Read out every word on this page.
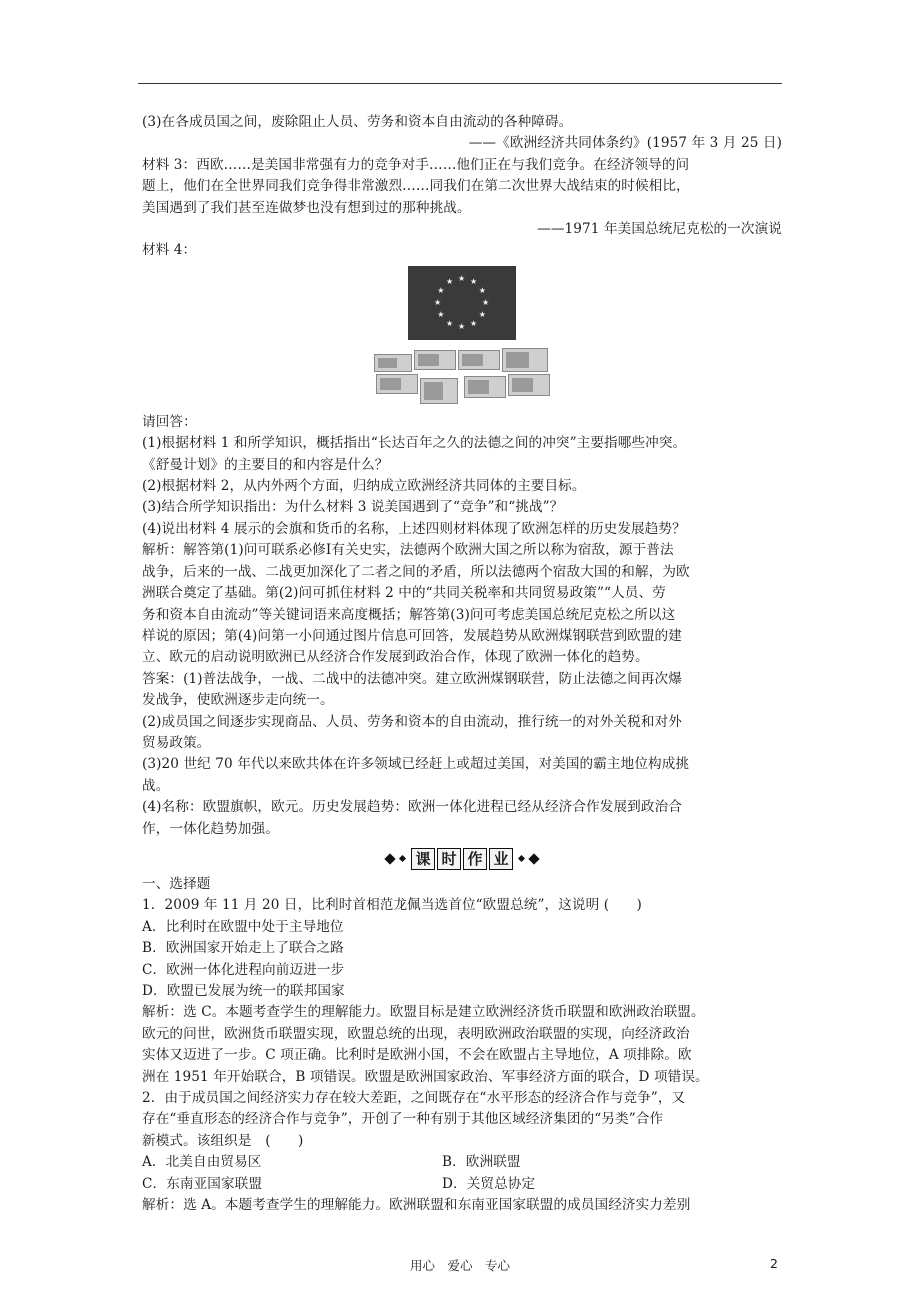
(3)在各成员国之间，废除阻止人员、劳务和资本自由流动的各种障碍。

——《欧洲经济共同体条约》(1957 年 3 月 25 日)

材料 3：西欧……是美国非常强有力的竞争对手……他们正在与我们竞争。在经济领导的问

题上，他们在全世界同我们竞争得非常激烈……同我们在第二次世界大战结束的时候相比，

美国遇到了我们甚至连做梦也没有想到过的那种挑战。

——1971 年美国总统尼克松的一次演说

材料 4：

★ ★
★
★
★
★
★
★
★
★
★
★

请回答：

(1)根据材料 1 和所学知识，概括指出“长达百年之久的法德之间的冲突”主要指哪些冲突。

《舒曼计划》的主要目的和内容是什么？

(2)根据材料 2，从内外两个方面，归纳成立欧洲经济共同体的主要目标。

(3)结合所学知识指出：为什么材料 3 说美国遇到了“竞争”和“挑战”？

(4)说出材料 4 展示的会旗和货币的名称，上述四则材料体现了欧洲怎样的历史发展趋势？

解析：解答第(1)问可联系必修Ⅰ有关史实，法德两个欧洲大国之所以称为宿敌，源于普法

战争，后来的一战、二战更加深化了二者之间的矛盾，所以法德两个宿敌大国的和解，为欧

洲联合奠定了基础。第(2)问可抓住材料 2 中的“共同关税率和共同贸易政策”“人员、劳

务和资本自由流动”等关键词语来高度概括；解答第(3)问可考虑美国总统尼克松之所以这

样说的原因；第(4)问第一小问通过图片信息可回答，发展趋势从欧洲煤钢联营到欧盟的建

立、欧元的启动说明欧洲已从经济合作发展到政治合作，体现了欧洲一体化的趋势。

答案：(1)普法战争，一战、二战中的法德冲突。建立欧洲煤钢联营，防止法德之间再次爆

发战争，使欧洲逐步走向统一。

(2)成员国之间逐步实现商品、人员、劳务和资本的自由流动，推行统一的对外关税和对外

贸易政策。

(3)20 世纪 70 年代以来欧共体在许多领域已经赶上或超过美国，对美国的霸主地位构成挑

战。

(4)名称：欧盟旗帜，欧元。历史发展趋势：欧洲一体化进程已经从经济合作发展到政治合

作，一体化趋势加强。

课 时 作 业

一、选择题

1．2009 年 11 月 20 日，比利时首相范龙佩当选首位“欧盟总统”，这说明 (　　)

A．比利时在欧盟中处于主导地位

B．欧洲国家开始走上了联合之路

C．欧洲一体化进程向前迈进一步

D．欧盟已发展为统一的联邦国家

解析：选 C。本题考查学生的理解能力。欧盟目标是建立欧洲经济货币联盟和欧洲政治联盟。

欧元的问世，欧洲货币联盟实现，欧盟总统的出现，表明欧洲政治联盟的实现，向经济政治

实体又迈进了一步。C 项正确。比利时是欧洲小国，不会在欧盟占主导地位，A 项排除。欧

洲在 1951 年开始联合，B 项错误。欧盟是欧洲国家政治、军事经济方面的联合，D 项错误。

2．由于成员国之间经济实力存在较大差距，之间既存在“水平形态的经济合作与竞争”，又

存在“垂直形态的经济合作与竞争”，开创了一种有别于其他区域经济集团的“另类”合作

新模式。该组织是　(　　)

A．北美自由贸易区	B．欧洲联盟

C．东南亚国家联盟	D．关贸总协定

解析：选 A。本题考查学生的理解能力。欧洲联盟和东南亚国家联盟的成员国经济实力差别

用心　爱心　专心	2
